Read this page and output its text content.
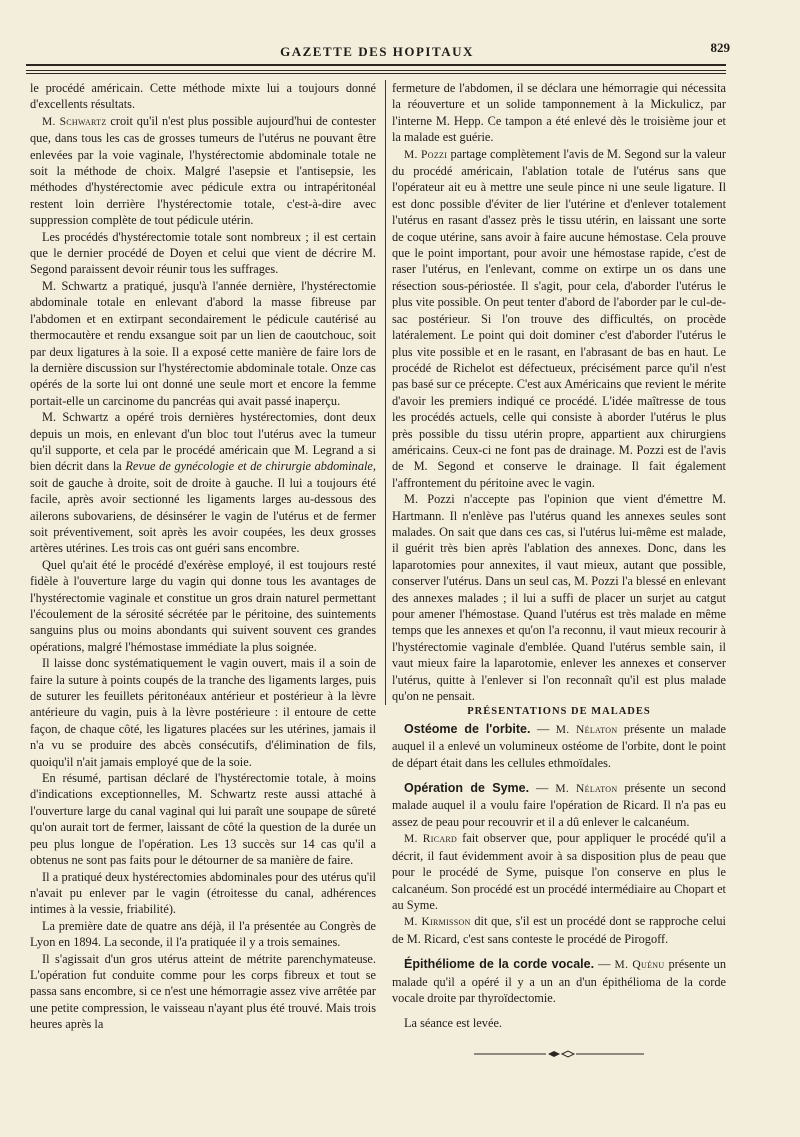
GAZETTE DES HOPITAUX	829

le procédé américain. Cette méthode mixte lui a toujours donné d'excellents résultats.

M. Schwartz croit qu'il n'est plus possible aujourd'hui de contester que, dans tous les cas de grosses tumeurs de l'utérus ne pouvant être enlevées par la voie vaginale, l'hystérectomie abdominale totale ne soit la méthode de choix. Malgré l'asepsie et l'antisepsie, les méthodes d'hystérectomie avec pédicule extra ou intrapéritonéal restent loin derrière l'hystérectomie totale, c'est-à-dire avec suppression complète de tout pédicule utérin.

Les procédés d'hystérectomie totale sont nombreux ; il est certain que le dernier procédé de Doyen et celui que vient de décrire M. Segond paraissent devoir réunir tous les suffrages.

M. Schwartz a pratiqué, jusqu'à l'année dernière, l'hystérectomie abdominale totale en enlevant d'abord la masse fibreuse par l'abdomen et en extirpant secondairement le pédicule cautérisé au thermocautère et rendu exsangue soit par un lien de caoutchouc, soit par deux ligatures à la soie. Il a exposé cette manière de faire lors de la dernière discussion sur l'hystérectomie abdominale totale. Onze cas opérés de la sorte lui ont donné une seule mort et encore la femme portait-elle un carcinome du pancréas qui avait passé inaperçu.

M. Schwartz a opéré trois dernières hystérectomies, dont deux depuis un mois, en enlevant d'un bloc tout l'utérus avec la tumeur qu'il supporte, et cela par le procédé américain que M. Legrand a si bien décrit dans la Revue de gynécologie et de chirurgie abdominale, soit de gauche à droite, soit de droite à gauche. Il lui a toujours été facile, après avoir sectionné les ligaments larges au-dessous des ailerons subovariens, de désinsérer le vagin de l'utérus et de fermer soit préventivement, soit après les avoir coupées, les deux grosses artères utérines. Les trois cas ont guéri sans encombre.

Quel qu'ait été le procédé d'exérèse employé, il est toujours resté fidèle à l'ouverture large du vagin qui donne tous les avantages de l'hystérectomie vaginale et constitue un gros drain naturel permettant l'écoulement de la sérosité sécrétée par le péritoine, des suintements sanguins plus ou moins abondants qui suivent souvent ces grandes opérations, malgré l'hémostase immédiate la plus soignée.

Il laisse donc systématiquement le vagin ouvert, mais il a soin de faire la suture à points coupés de la tranche des ligaments larges, puis de suturer les feuillets péritonéaux antérieur et postérieur à la lèvre antérieure du vagin, puis à la lèvre postérieure : il entoure de cette façon, de chaque côté, les ligatures placées sur les utérines, jamais il n'a vu se produire des abcès consécutifs, d'élimination de fils, quoiqu'il n'ait jamais employé que de la soie.

En résumé, partisan déclaré de l'hystérectomie totale, à moins d'indications exceptionnelles, M. Schwartz reste aussi attaché à l'ouverture large du canal vaginal qui lui paraît une soupape de sûreté qu'on aurait tort de fermer, laissant de côté la question de la durée un peu plus longue de l'opération. Les 13 succès sur 14 cas qu'il a obtenus ne sont pas faits pour le détourner de sa manière de faire.

Il a pratiqué deux hystérectomies abdominales pour des utérus qu'il n'avait pu enlever par le vagin (étroitesse du canal, adhérences intimes à la vessie, friabilité).

La première date de quatre ans déjà, il l'a présentée au Congrès de Lyon en 1894. La seconde, il l'a pratiquée il y a trois semaines.

Il s'agissait d'un gros utérus atteint de métrite parenchymateuse. L'opération fut conduite comme pour les corps fibreux et tout se passa sans encombre, si ce n'est une hémorragie assez vive arrêtée par une petite compression, le vaisseau n'ayant plus été trouvé. Mais trois heures après la

fermeture de l'abdomen, il se déclara une hémorragie qui nécessita la réouverture et un solide tamponnement à la Mickulicz, par l'interne M. Hepp. Ce tampon a été enlevé dès le troisième jour et la malade est guérie.

M. Pozzi partage complètement l'avis de M. Segond sur la valeur du procédé américain, l'ablation totale de l'utérus sans que l'opérateur ait eu à mettre une seule pince ni une seule ligature. Il est donc possible d'éviter de lier l'utérine et d'enlever totalement l'utérus en rasant d'assez près le tissu utérin, en laissant une sorte de coque utérine, sans avoir à faire aucune hémostase. Cela prouve que le point important, pour avoir une hémostase rapide, c'est de raser l'utérus, en l'enlevant, comme on extirpe un os dans une résection sous-périostée. Il s'agit, pour cela, d'aborder l'utérus le plus vite possible. On peut tenter d'abord de l'aborder par le cul-de-sac postérieur. Si l'on trouve des difficultés, on procède latéralement. Le point qui doit dominer c'est d'aborder l'utérus le plus vite possible et en le rasant, en l'abrasant de bas en haut. Le procédé de Richelot est défectueux, précisément parce qu'il n'est pas basé sur ce précepte. C'est aux Américains que revient le mérite d'avoir les premiers indiqué ce procédé. L'idée maîtresse de tous les procédés actuels, celle qui consiste à aborder l'utérus le plus près possible du tissu utérin propre, appartient aux chirurgiens américains. Ceux-ci ne font pas de drainage. M. Pozzi est de l'avis de M. Segond et conserve le drainage. Il fait également l'affrontement du péritoine avec le vagin.

M. Pozzi n'accepte pas l'opinion que vient d'émettre M. Hartmann. Il n'enlève pas l'utérus quand les annexes seules sont malades. On sait que dans ces cas, si l'utérus lui-même est malade, il guérit très bien après l'ablation des annexes. Donc, dans les laparotomies pour annexites, il vaut mieux, autant que possible, conserver l'utérus. Dans un seul cas, M. Pozzi l'a blessé en enlevant des annexes malades ; il lui a suffi de placer un surjet au catgut pour amener l'hémostase. Quand l'utérus est très malade en même temps que les annexes et qu'on l'a reconnu, il vaut mieux recourir à l'hystérectomie vaginale d'emblée. Quand l'utérus semble sain, il vaut mieux faire la laparotomie, enlever les annexes et conserver l'utérus, quitte à l'enlever si l'on reconnaît qu'il est plus malade qu'on ne pensait.

PRÉSENTATIONS DE MALADES

Ostéome de l'orbite. — M. Nélaton présente un malade auquel il a enlevé un volumineux ostéome de l'orbite, dont le point de départ était dans les cellules ethmoïdales.

Opération de Syme. — M. Nélaton présente un second malade auquel il a voulu faire l'opération de Ricard. Il n'a pas eu assez de peau pour recouvrir et il a dû enlever le calcanéum.

M. Ricard fait observer que, pour appliquer le procédé qu'il a décrit, il faut évidemment avoir à sa disposition plus de peau que pour le procédé de Syme, puisque l'on conserve en plus le calcanéum. Son procédé est un procédé intermédiaire au Chopart et au Syme.

M. Kirmisson dit que, s'il est un procédé dont se rapproche celui de M. Ricard, c'est sans conteste le procédé de Pirogoff.

Épithéliome de la corde vocale. — M. Quénu présente un malade qu'il a opéré il y a un an d'un épithélioma de la corde vocale droite par thyroïdectomie.

La séance est levée.
